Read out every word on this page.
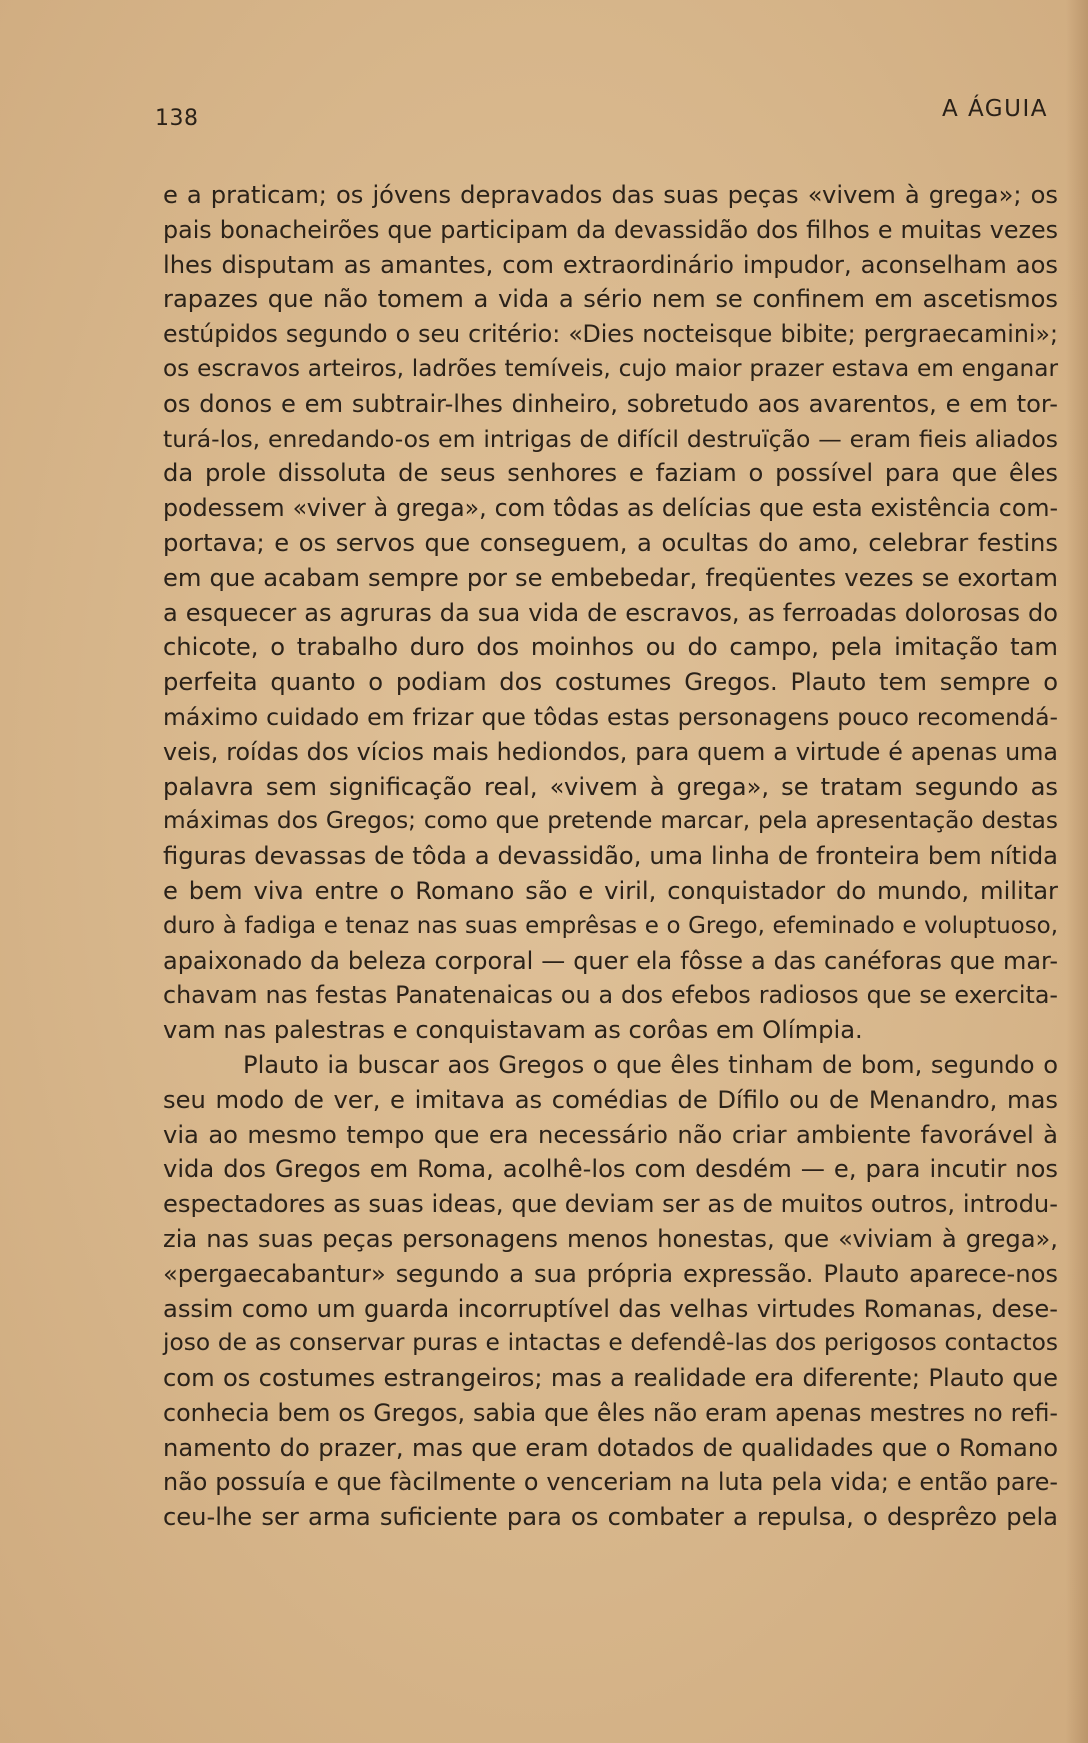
138	A ÁGUIA
e a praticam; os jóvens depravados das suas peças «vivem à grega»; os
pais bonacheirões que participam da devassidão dos filhos e muitas vezes
lhes disputam as amantes, com extraordinário impudor, aconselham aos
rapazes que não tomem a vida a sério nem se confinem em ascetismos
estúpidos segundo o seu critério: «Dies nocteisque bibite; pergraecamini»;
os escravos arteiros, ladrões temíveis, cujo maior prazer estava em enganar
os donos e em subtrair-lhes dinheiro, sobretudo aos avarentos, e em tor-
turá-los, enredando-os em intrigas de difícil destruïção — eram fieis aliados
da prole dissoluta de seus senhores e faziam o possível para que êles
podessem «viver à grega», com tôdas as delícias que esta existência com-
portava; e os servos que conseguem, a ocultas do amo, celebrar festins
em que acabam sempre por se embebedar, freqüentes vezes se exortam
a esquecer as agruras da sua vida de escravos, as ferroadas dolorosas do
chicote, o trabalho duro dos moinhos ou do campo, pela imitação tam
perfeita quanto o podiam dos costumes Gregos. Plauto tem sempre o
máximo cuidado em frizar que tôdas estas personagens pouco recomendá-
veis, roídas dos vícios mais hediondos, para quem a virtude é apenas uma
palavra sem significação real, «vivem à grega», se tratam segundo as
máximas dos Gregos; como que pretende marcar, pela apresentação destas
figuras devassas de tôda a devassidão, uma linha de fronteira bem nítida
e bem viva entre o Romano são e viril, conquistador do mundo, militar
duro à fadiga e tenaz nas suas emprêsas e o Grego, efeminado e voluptuoso,
apaixonado da beleza corporal — quer ela fôsse a das canéforas que mar-
chavam nas festas Panatenaicas ou a dos efebos radiosos que se exercita-
vam nas palestras e conquistavam as corôas em Olímpia.
Plauto ia buscar aos Gregos o que êles tinham de bom, segundo o
seu modo de ver, e imitava as comédias de Dífilo ou de Menandro, mas
via ao mesmo tempo que era necessário não criar ambiente favorável à
vida dos Gregos em Roma, acolhê-los com desdém — e, para incutir nos
espectadores as suas ideas, que deviam ser as de muitos outros, introdu-
zia nas suas peças personagens menos honestas, que «viviam à grega»,
«pergaecabantur» segundo a sua própria expressão. Plauto aparece-nos
assim como um guarda incorruptível das velhas virtudes Romanas, dese-
joso de as conservar puras e intactas e defendê-las dos perigosos contactos
com os costumes estrangeiros; mas a realidade era diferente; Plauto que
conhecia bem os Gregos, sabia que êles não eram apenas mestres no refi-
namento do prazer, mas que eram dotados de qualidades que o Romano
não possuía e que fàcilmente o venceriam na luta pela vida; e então pare-
ceu-lhe ser arma suficiente para os combater a repulsa, o desprêzo pela
